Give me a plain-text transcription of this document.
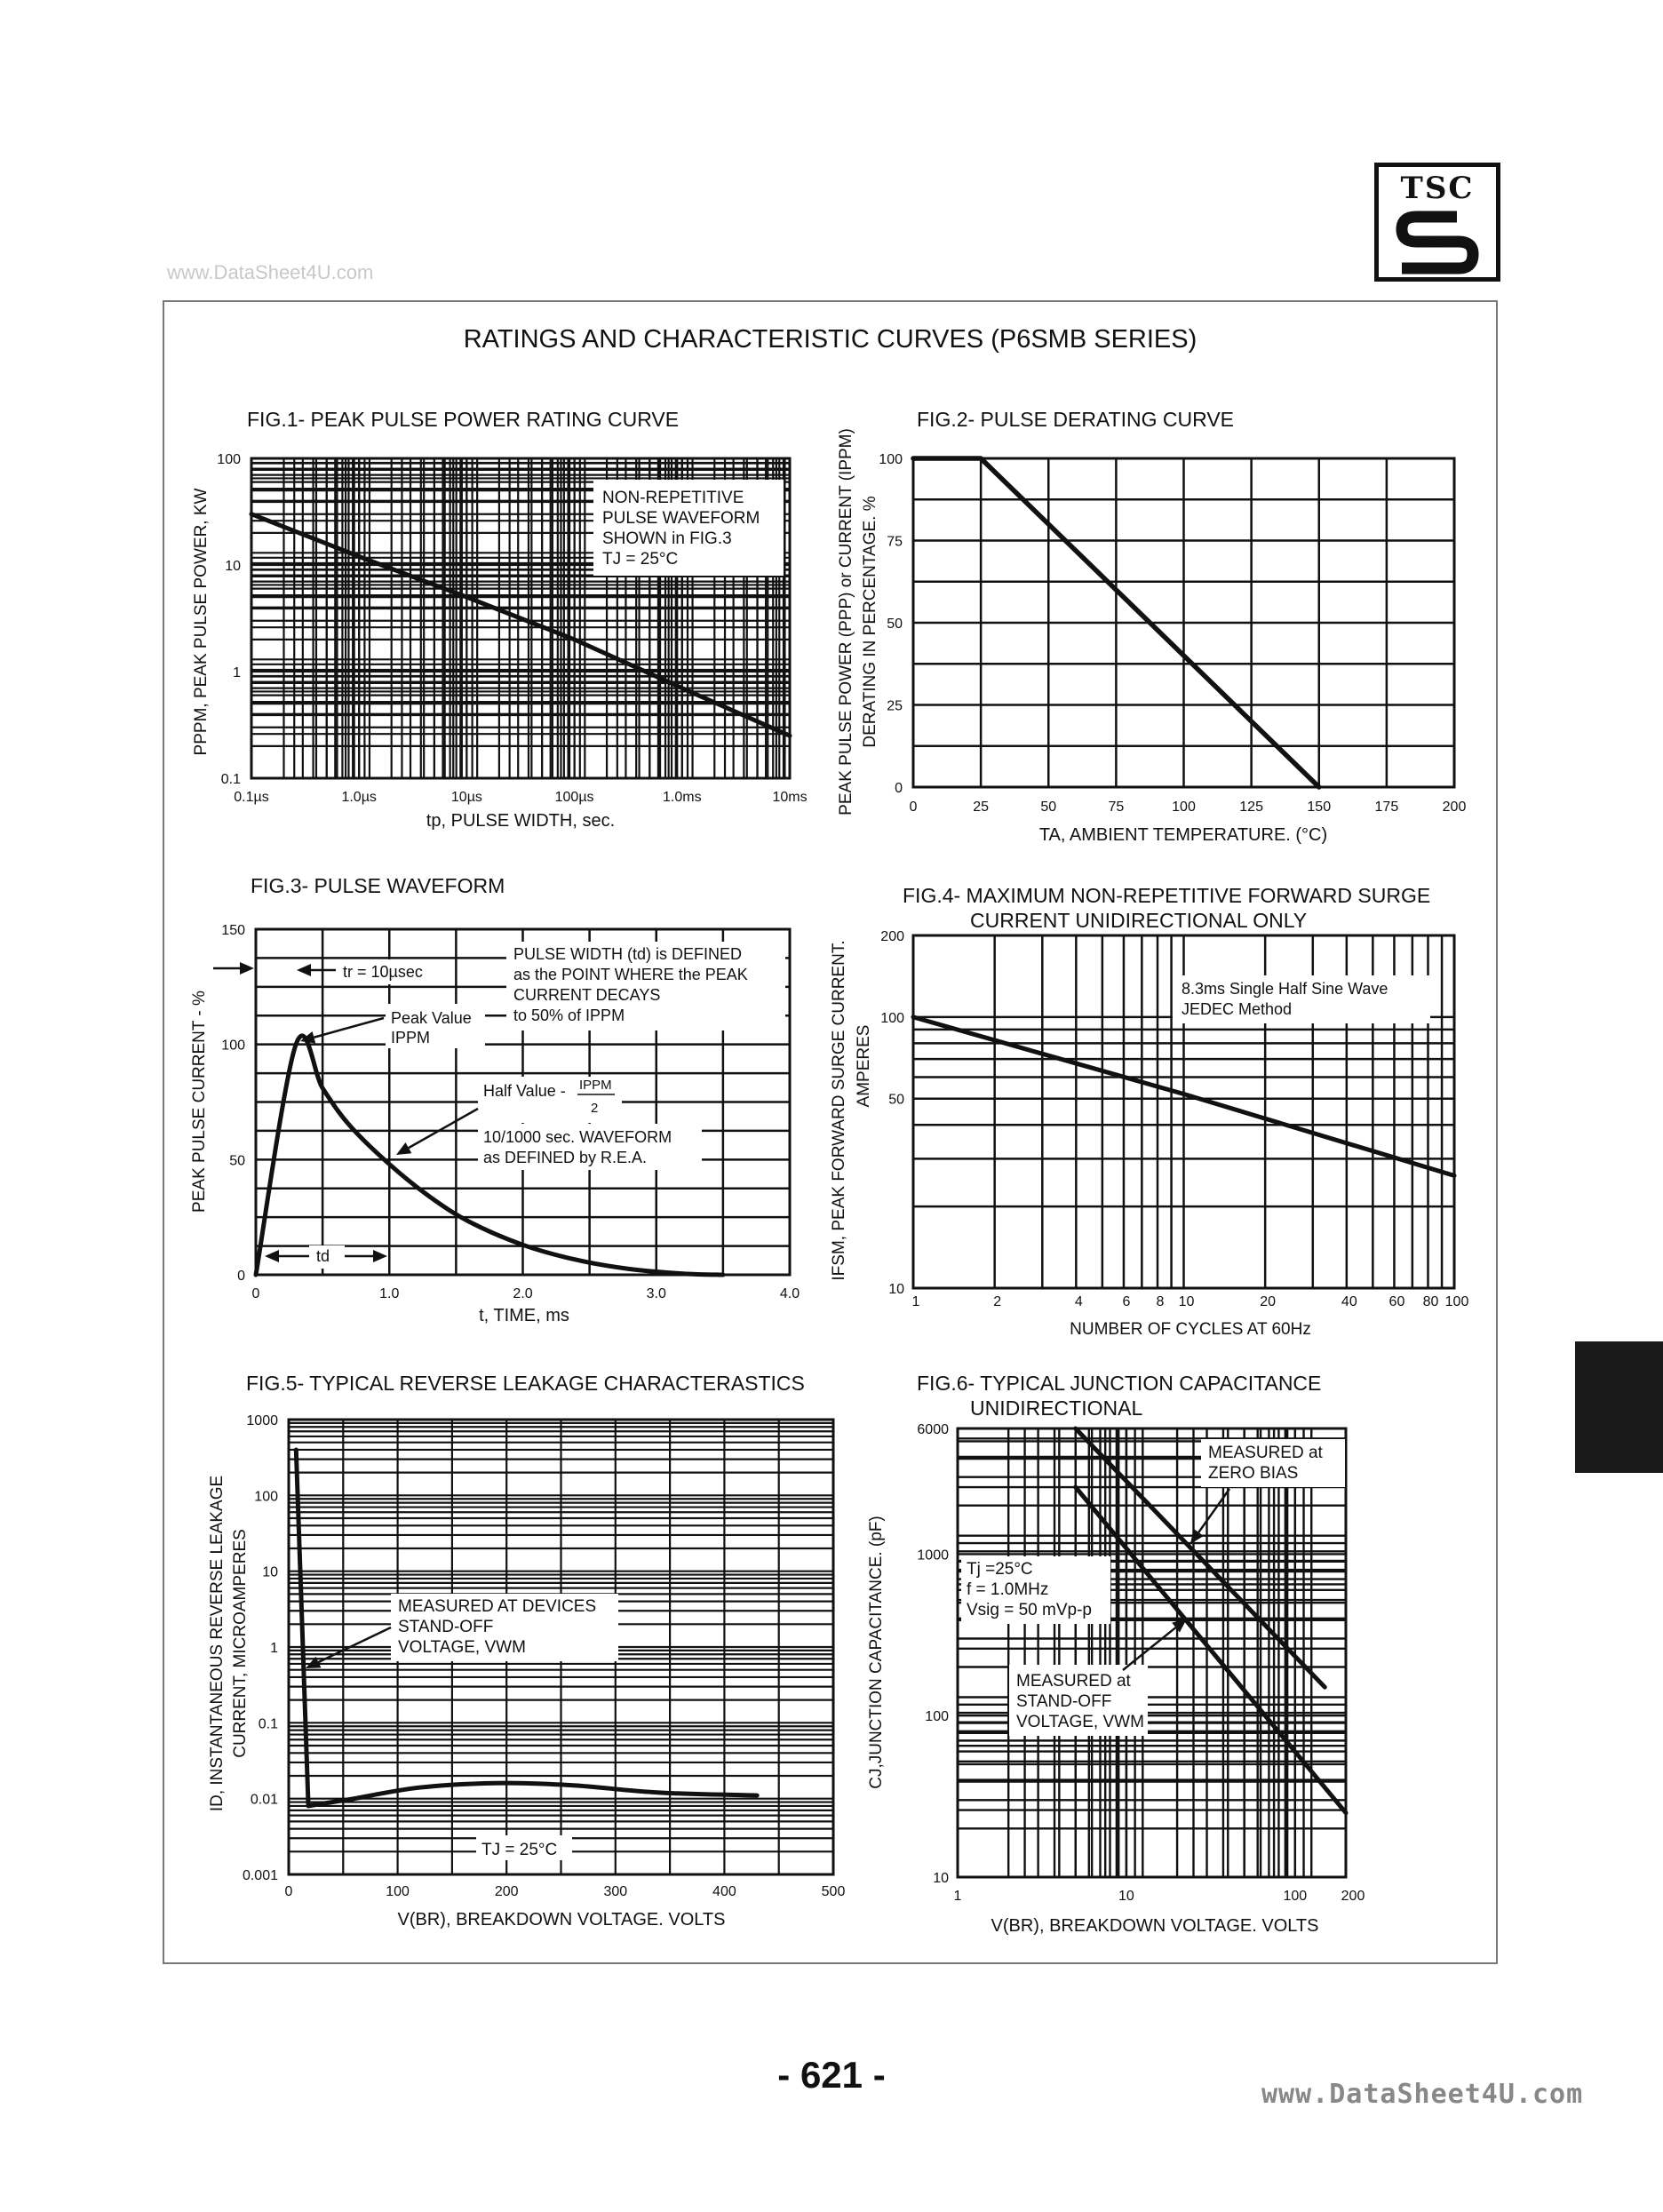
www.DataSheet4U.com
TSC
RATINGS AND CHARACTERISTIC CURVES (P6SMB SERIES)
FIG.1- PEAK PULSE POWER RATING CURVE	FIG.2- PULSE DERATING CURVE
FIG.3- PULSE WAVEFORM	FIG.4- MAXIMUM NON-REPETITIVE FORWARD SURGE
CURRENT UNIDIRECTIONAL ONLY
FIG.5- TYPICAL REVERSE LEAKAGE CHARACTERASTICS	FIG.6- TYPICAL JUNCTION CAPACITANCE
UNIDIRECTIONAL
0.1µs	1.0µs	10µs	100µs	1.0ms	10ms
0.1
1
10
100
NON-REPETITIVE
PULSE WAVEFORM
SHOWN in FIG.3
TJ = 25°C
tp, PULSE WIDTH, sec.
PPPM, PEAK PULSE POWER, KW
0	25	50	75	100	125	150	175	200
0
25
50
75
100
TA, AMBIENT TEMPERATURE. (°C)
PEAK PULSE POWER (PPP) or CURRENT (IPPM) DERATING IN PERCENTAGE. %
0	1.0	2.0	3.0	4.0
0
50
100
150
PULSE WIDTH (td) is DEFINED
as the POINT WHERE the PEAK
CURRENT DECAYS
to 50% of IPPM
tr = 10µsec
Peak Value
IPPM
Half Value - IPPM
2
10/1000 sec. WAVEFORM
as DEFINED by R.E.A.
td
t, TIME, ms
PEAK PULSE CURRENT - %
1	2	4	6 8 10	20	40 60 80 100
10
50
100
200
8.3ms Single Half Sine Wave
JEDEC Method
NUMBER OF CYCLES AT 60Hz
IFSM, PEAK FORWARD SURGE CURRENT. AMPERES
0	100	200	300	400	500
0.001
0.01
0.1
1
10
100
1000
MEASURED AT DEVICES
STAND-OFF
VOLTAGE, VWM
TJ = 25°C
V(BR), BREAKDOWN VOLTAGE. VOLTS
ID, INSTANTANEOUS REVERSE LEAKAGE CURRENT, MICROAMPERES
1	10	100 200
10
100
1000
6000
MEASURED at
ZERO BIAS
Tj =25°C
f = 1.0MHz
Vsig = 50 mVp-p
MEASURED at
STAND-OFF
VOLTAGE, VWM
V(BR), BREAKDOWN VOLTAGE. VOLTS
CJ,JUNCTION CAPACITANCE. (pF)
- 621 -	www.DataSheet4U.com
